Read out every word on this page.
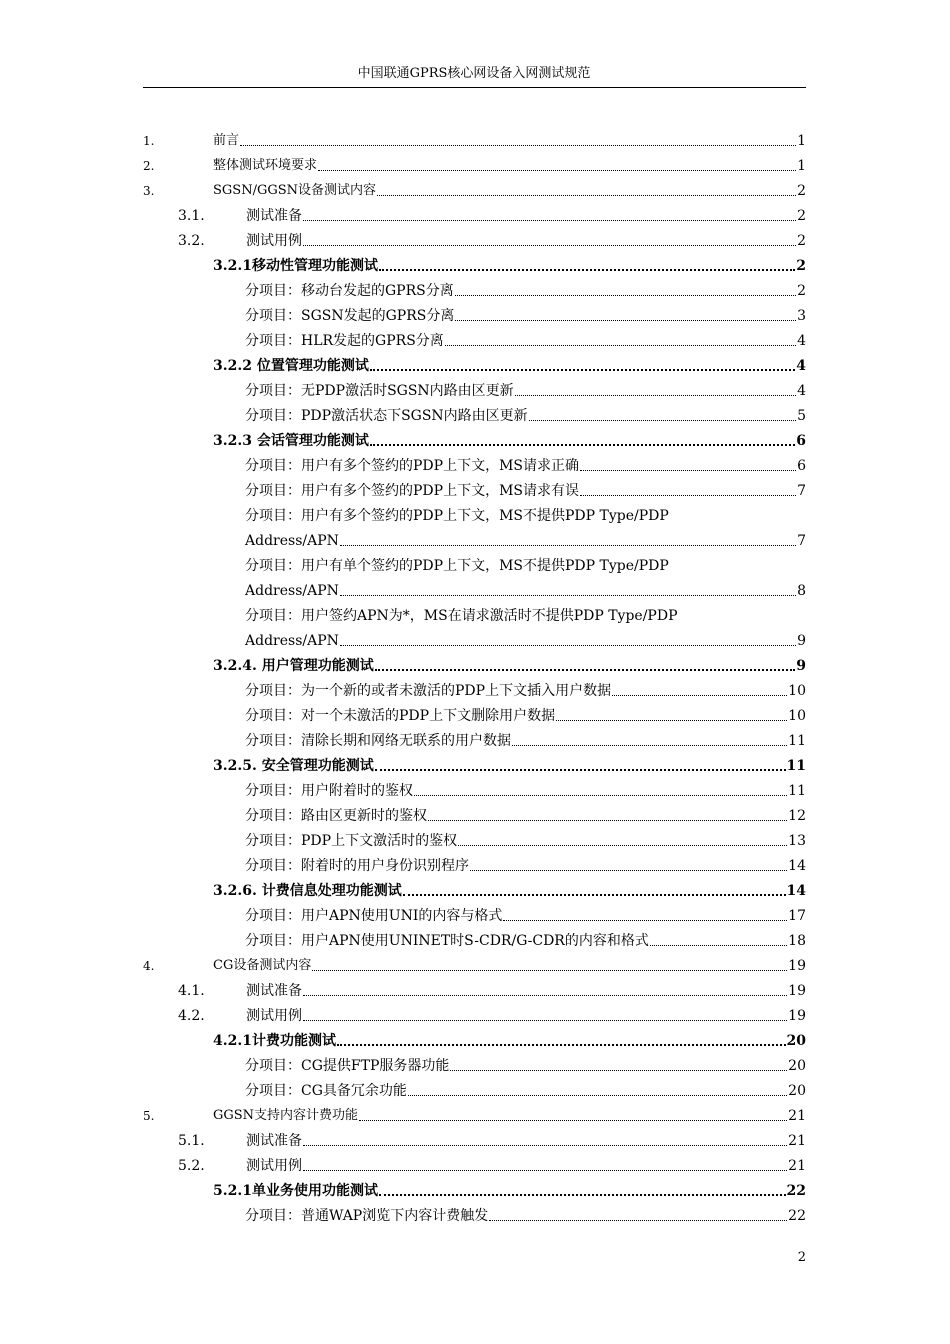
中国联通GPRS核心网设备入网测试规范
1.	前言	1
2.	整体测试环境要求	1
3.	SGSN/GGSN设备测试内容	2
3.1.	测试准备	2
3.2.	测试用例	2
3.2.1移动性管理功能测试	2
分项目：移动台发起的GPRS分离	2
分项目：SGSN发起的GPRS分离	3
分项目：HLR发起的GPRS分离	4
3.2.2 位置管理功能测试	4
分项目：无PDP激活时SGSN内路由区更新	4
分项目：PDP激活状态下SGSN内路由区更新	5
3.2.3 会话管理功能测试	6
分项目：用户有多个签约的PDP上下文，MS请求正确	6
分项目：用户有多个签约的PDP上下文，MS请求有误	7
分项目：用户有多个签约的PDP上下文，MS不提供PDP Type/PDP
Address/APN	7
分项目：用户有单个签约的PDP上下文，MS不提供PDP Type/PDP
Address/APN	8
分项目：用户签约APN为*，MS在请求激活时不提供PDP Type/PDP
Address/APN	9
3.2.4. 用户管理功能测试	9
分项目：为一个新的或者未激活的PDP上下文插入用户数据	10
分项目：对一个未激活的PDP上下文删除用户数据	10
分项目：清除长期和网络无联系的用户数据	11
3.2.5. 安全管理功能测试	11
分项目：用户附着时的鉴权	11
分项目：路由区更新时的鉴权	12
分项目：PDP上下文激活时的鉴权	13
分项目：附着时的用户身份识别程序	14
3.2.6. 计费信息处理功能测试	14
分项目：用户APN使用UNI的内容与格式	17
分项目：用户APN使用UNINET时S-CDR/G-CDR的内容和格式	18
4.	CG设备测试内容	19
4.1.	测试准备	19
4.2.	测试用例	19
4.2.1计费功能测试	20
分项目：CG提供FTP服务器功能	20
分项目：CG具备冗余功能	20
5.	GGSN支持内容计费功能	21
5.1.	测试准备	21
5.2.	测试用例	21
5.2.1单业务使用功能测试	22
分项目：普通WAP浏览下内容计费触发	22
2
